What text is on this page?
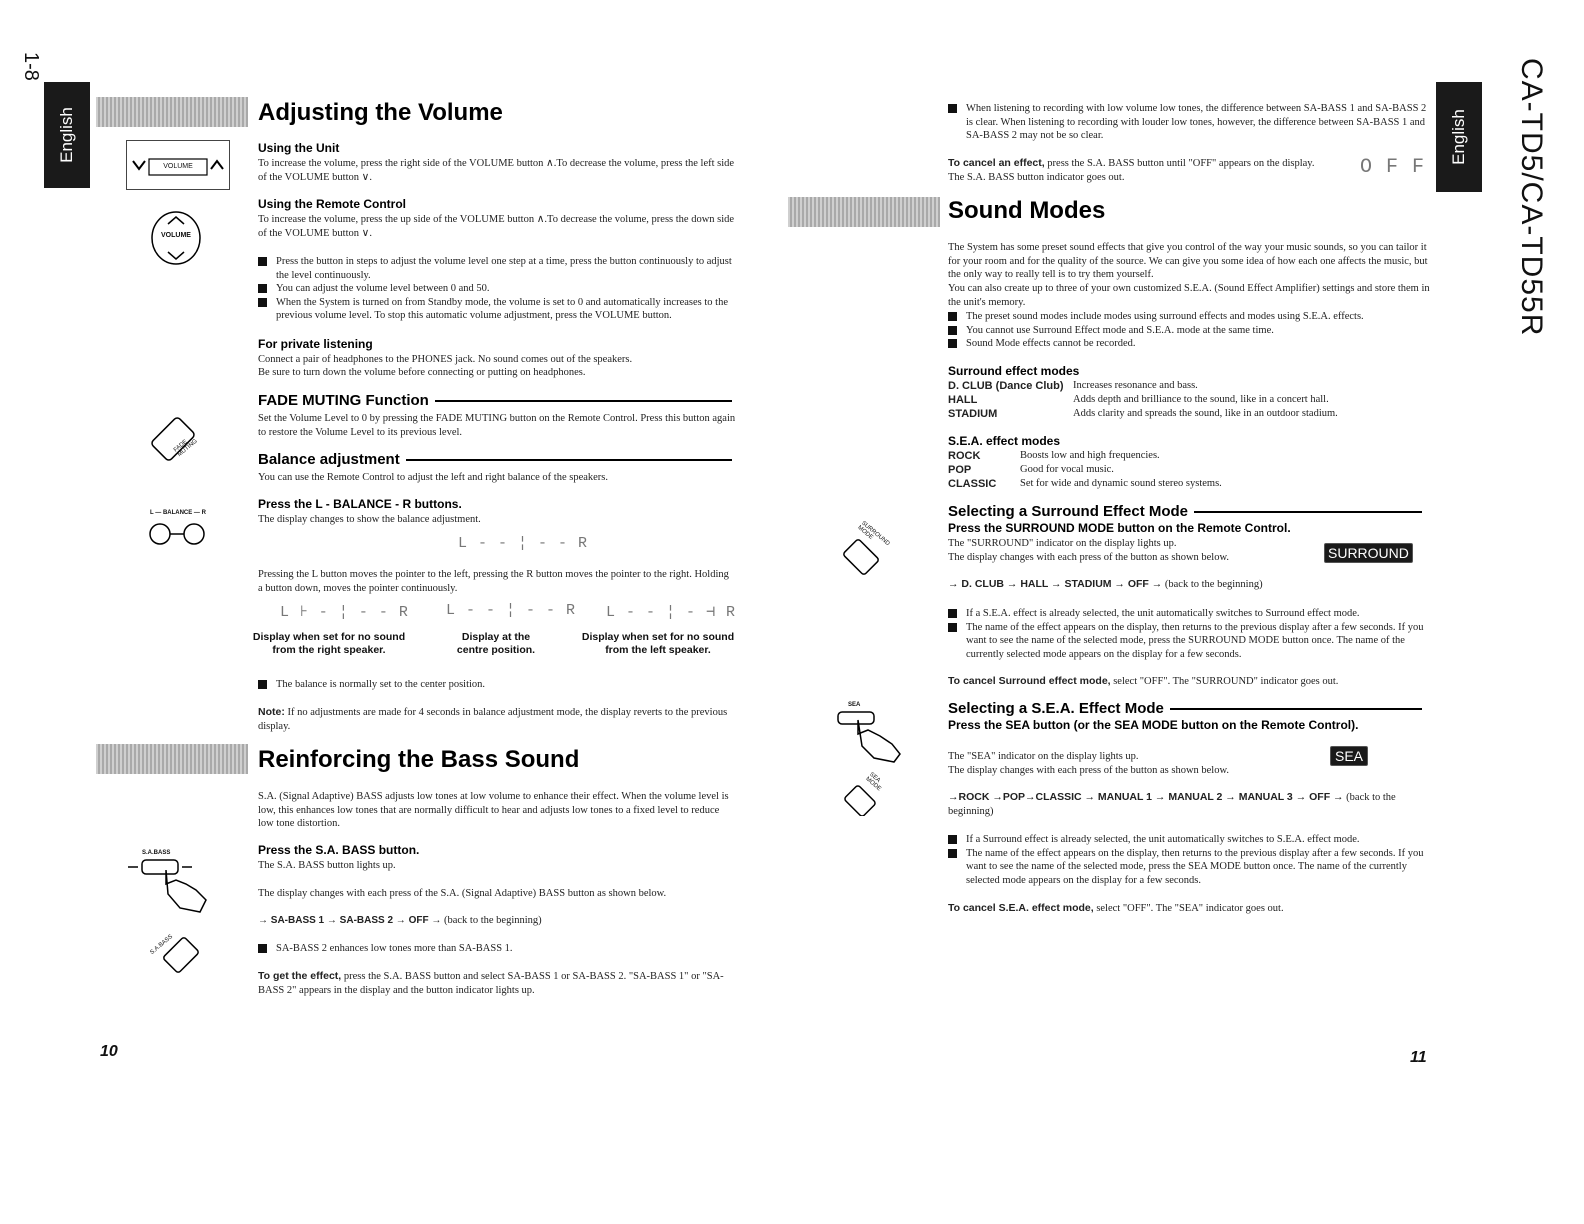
1-8	CA-TD5/CA-TD55R
English	English
Adjusting the Volume
VOLUME
VOLUME
Using the Unit
To increase the volume, press the right side of the VOLUME button ∧.To decrease the volume, press the left side of the VOLUME button ∨.
Using the Remote Control
To increase the volume, press the up side of the VOLUME button ∧.To decrease the volume, press the down side of the VOLUME button ∨.
Press the button in steps to adjust the volume level one step at a time, press the button continuously to adjust the level continuously.
You can adjust the volume level between 0 and 50.
When the System is turned on from Standby mode, the volume is set to 0 and automatically increases to the previous volume level. To stop this automatic volume adjustment, press the VOLUME button.
For private listening
Connect a pair of headphones to the PHONES jack. No sound comes out of the speakers.
Be sure to turn down the volume before connecting or putting on headphones.
FADE
MUTING
FADE MUTING Function
Set the Volume Level to 0 by pressing the FADE MUTING button on the Remote Control. Press this button again to restore the Volume Level to its previous level.
Balance adjustment
You can use the Remote Control to adjust the left and right balance of the speakers.
L — BALANCE — R
Press the L - BALANCE - R buttons.
The display changes to show the balance adjustment.
L - - ¦ - - R
Pressing the L button moves the pointer to the left, pressing the R button moves the pointer to the right. Holding a button down, moves the pointer continuously.
L ⊦ - ¦ - - R L - - ¦ - - R L - - ¦ - ⊣ R
Display when set for no sound from the right speaker.
Display at the centre position.
Display when set for no sound from the left speaker.
The balance is normally set to the center position.
Note: If no adjustments are made for 4 seconds in balance adjustment mode, the display reverts to the previous display.
Reinforcing the Bass Sound
S.A. (Signal Adaptive) BASS adjusts low tones at low volume to enhance their effect. When the volume level is low, this enhances low tones that are normally difficult to hear and adjusts low tones to a fixed level to reduce low tone distortion.
S.A.BASS
S.A.BASS
Press the S.A. BASS button.
The S.A. BASS button lights up.
The display changes with each press of the S.A. (Signal Adaptive) BASS button as shown below.
→ SA-BASS 1 → SA-BASS 2 → OFF → (back to the beginning)
SA-BASS 2 enhances low tones more than SA-BASS 1.
To get the effect, press the S.A. BASS button and select SA-BASS 1 or SA-BASS 2. "SA-BASS 1" or "SA-BASS 2" appears in the display and the button indicator lights up.
10
When listening to recording with low volume low tones, the difference between SA-BASS 1 and SA-BASS 2 is clear. When listening to recording with louder low tones, however, the difference between SA-BASS 1 and SA-BASS 2 may not be so clear.
To cancel an effect, press the S.A. BASS button until "OFF" appears on the display.
The S.A. BASS button indicator goes out.	O F F
Sound Modes
The System has some preset sound effects that give you control of the way your music sounds, so you can tailor it for your room and for the quality of the source. We can give you some idea of how each one affects the music, but the only way to really tell is to try them yourself.
You can also create up to three of your own customized S.E.A. (Sound Effect Amplifier) settings and store them in the unit's memory.
The preset sound modes include modes using surround effects and modes using S.E.A. effects.
You cannot use Surround Effect mode and S.E.A. mode at the same time.
Sound Mode effects cannot be recorded.
Surround effect modes
D. CLUB (Dance Club)	Increases resonance and bass.
HALL	Adds depth and brilliance to the sound, like in a concert hall.
STADIUM	Adds clarity and spreads the sound, like in an outdoor stadium.
S.E.A. effect modes
ROCK	Boosts low and high frequencies.
POP	Good for vocal music.
CLASSIC	Set for wide and dynamic sound stereo systems.
SURROUND
MODE
Selecting a Surround Effect Mode
Press the SURROUND MODE button on the Remote Control.
The "SURROUND" indicator on the display lights up.
The display changes with each press of the button as shown below.	SURROUND
→ D. CLUB → HALL → STADIUM → OFF → (back to the beginning)
If a S.E.A. effect is already selected, the unit automatically switches to Surround effect mode.
The name of the effect appears on the display, then returns to the previous display after a few seconds. If you want to see the name of the selected mode, press the SURROUND MODE button once. The name of the currently selected mode appears on the display for a few seconds.
To cancel Surround effect mode, select "OFF". The "SURROUND" indicator goes out.
SEA
SEA
MODE
Selecting a S.E.A. Effect Mode
Press the SEA button (or the SEA MODE button on the Remote Control).
The "SEA" indicator on the display lights up.
The display changes with each press of the button as shown below.
SEA
→ROCK →POP→CLASSIC → MANUAL 1 → MANUAL 2 → MANUAL 3 → OFF → (back to the beginning)
If a Surround effect is already selected, the unit automatically switches to S.E.A. effect mode.
The name of the effect appears on the display, then returns to the previous display after a few seconds. If you want to see the name of the selected mode, press the SEA MODE button once. The name of the currently selected mode appears on the display for a few seconds.
To cancel S.E.A. effect mode, select "OFF". The "SEA" indicator goes out.
11
